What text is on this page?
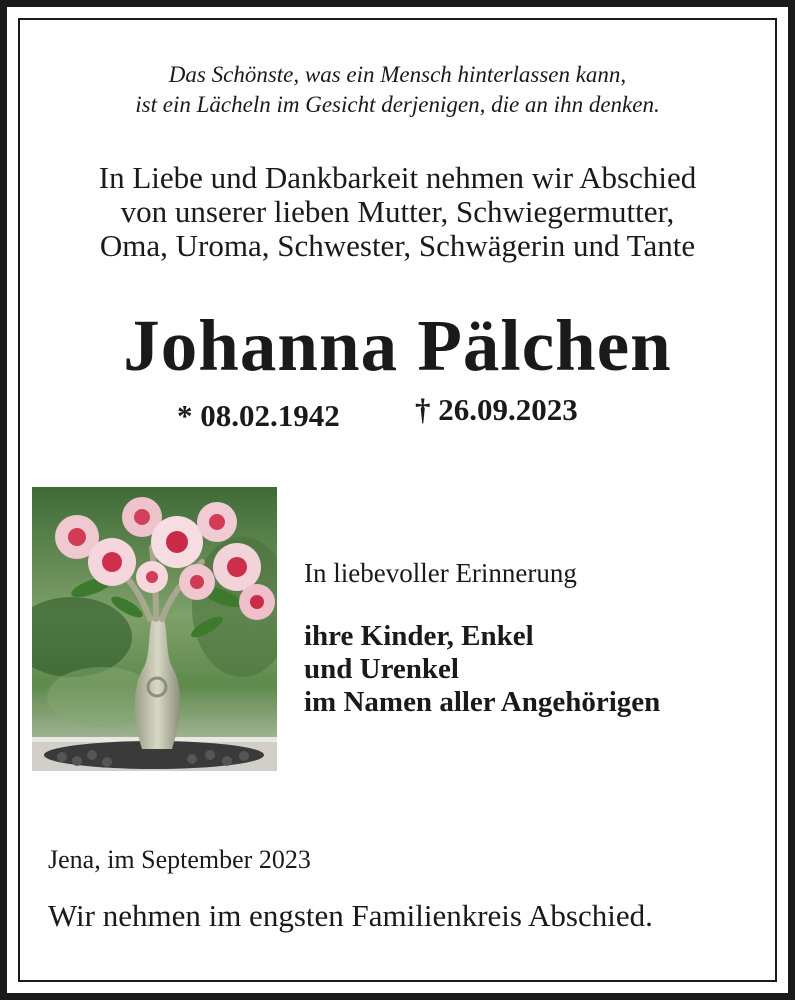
Das Schönste, was ein Mensch hinterlassen kann,
ist ein Lächeln im Gesicht derjenigen, die an ihn denken.
In Liebe und Dankbarkeit nehmen wir Abschied
von unserer lieben Mutter, Schwiegermutter,
Oma, Uroma, Schwester, Schwägerin und Tante
Johanna Pälchen
* 08.02.1942 † 26.09.2023
In liebevoller Erinnerung
ihre Kinder, Enkel
und Urenkel
im Namen aller Angehörigen
Jena, im September 2023
Wir nehmen im engsten Familienkreis Abschied.
